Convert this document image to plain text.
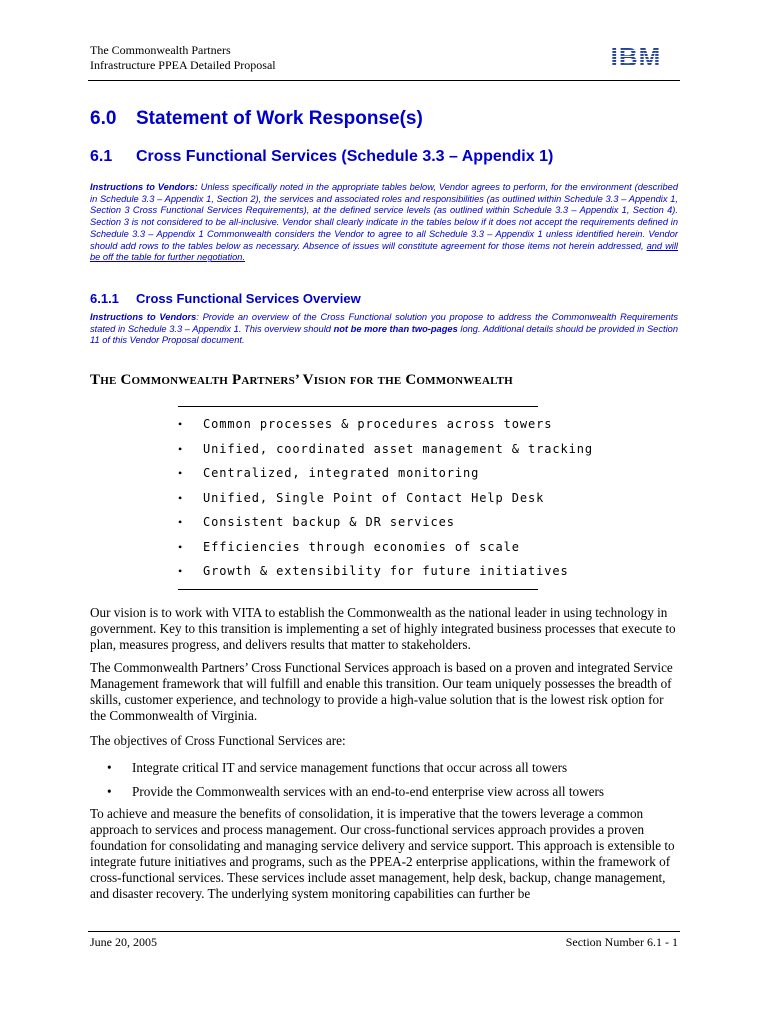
The Commonwealth Partners
Infrastructure PPEA Detailed Proposal	IBM
6.0 Statement of Work Response(s)
6.1 Cross Functional Services (Schedule 3.3 – Appendix 1)

Instructions to Vendors: Unless specifically noted in the appropriate tables below, Vendor agrees to perform, for the environment (described in Schedule 3.3 – Appendix 1, Section 2), the services and associated roles and responsibilities (as outlined within Schedule 3.3 – Appendix 1, Section 3 Cross Functional Services Requirements), at the defined service levels (as outlined within Schedule 3.3 – Appendix 1, Section 4). Section 3 is not considered to be all-inclusive. Vendor shall clearly indicate in the tables below if it does not accept the requirements defined in Schedule 3.3 – Appendix 1 Commonwealth considers the Vendor to agree to all Schedule 3.3 – Appendix 1 unless identified herein. Vendor should add rows to the tables below as necessary. Absence of issues will constitute agreement for those items not herein addressed, and will be off the table for further negotiation.

6.1.1 Cross Functional Services Overview

Instructions to Vendors: Provide an overview of the Cross Functional solution you propose to address the Commonwealth Requirements stated in Schedule 3.3 – Appendix 1. This overview should not be more than two-pages long. Additional details should be provided in Section 11 of this Vendor Proposal document.

The Commonwealth Partners’ Vision for the Commonwealth
• Common processes & procedures across towers
• Unified, coordinated asset management & tracking
• Centralized, integrated monitoring
• Unified, Single Point of Contact Help Desk
• Consistent backup & DR services
• Efficiencies through economies of scale
• Growth & extensibility for future initiatives

Our vision is to work with VITA to establish the Commonwealth as the national leader in using technology in government. Key to this transition is implementing a set of highly integrated business processes that execute to plan, measures progress, and delivers results that matter to stakeholders.

The Commonwealth Partners’ Cross Functional Services approach is based on a proven and integrated Service Management framework that will fulfill and enable this transition. Our team uniquely possesses the breadth of skills, customer experience, and technology to provide a high-value solution that is the lowest risk option for the Commonwealth of Virginia.

The objectives of Cross Functional Services are:

• Integrate critical IT and service management functions that occur across all towers
• Provide the Commonwealth services with an end-to-end enterprise view across all towers

To achieve and measure the benefits of consolidation, it is imperative that the towers leverage a common approach to services and process management. Our cross-functional services approach provides a proven foundation for consolidating and managing service delivery and service support. This approach is extensible to integrate future initiatives and programs, such as the PPEA-2 enterprise applications, within the framework of cross-functional services. These services include asset management, help desk, backup, change management, and disaster recovery. The underlying system monitoring capabilities can further be

June 20, 2005	Section Number 6.1 - 1
